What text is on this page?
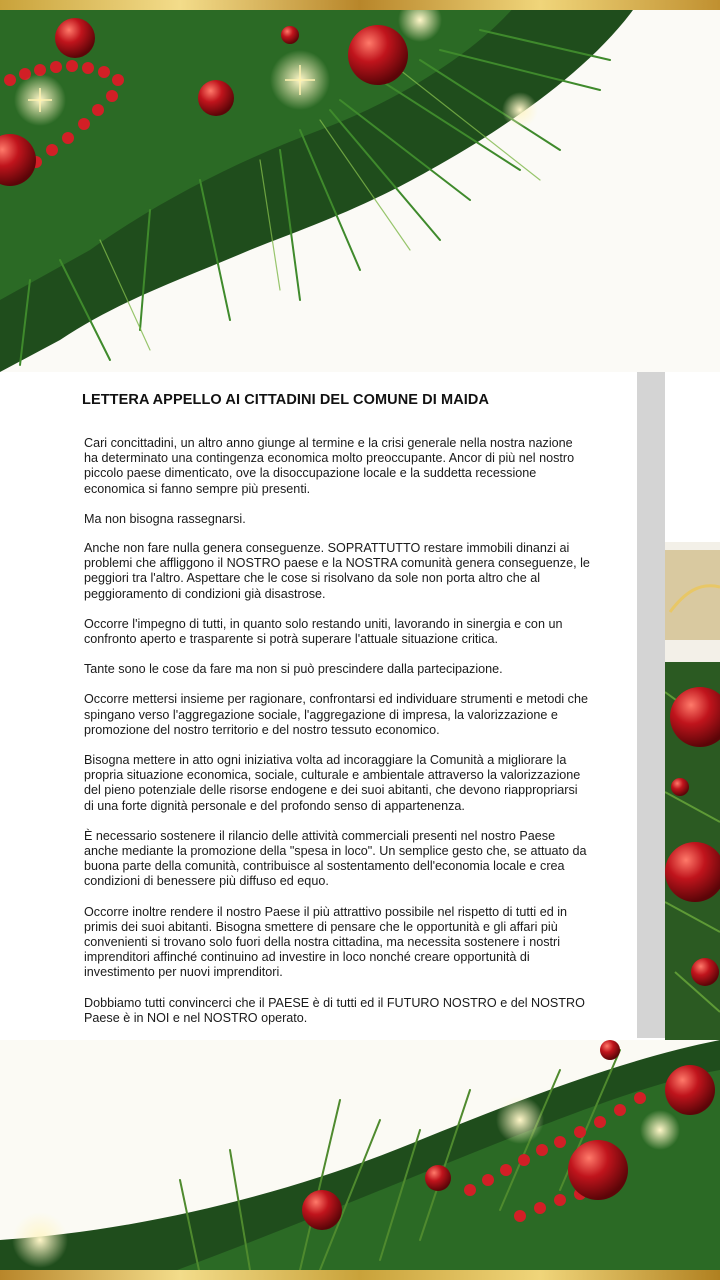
LETTERA APPELLO AI CITTADINI DEL COMUNE DI MAIDA

Cari concittadini, un altro anno giunge al termine e la crisi generale nella nostra nazione ha determinato una contingenza economica molto preoccupante. Ancor di più nel nostro piccolo paese dimenticato, ove la disoccupazione locale e la suddetta recessione economica si fanno sempre più presenti.

Ma non bisogna rassegnarsi.

Anche non fare nulla genera conseguenze. SOPRATTUTTO restare immobili dinanzi ai problemi che affliggono il NOSTRO paese e la NOSTRA comunità genera conseguenze, le peggiori tra l'altro. Aspettare che le cose si risolvano da sole non porta altro che al peggioramento di condizioni già disastrose.

Occorre l'impegno di tutti, in quanto solo restando uniti, lavorando in sinergia e con un confronto aperto e trasparente si potrà superare l'attuale situazione critica.

Tante sono le cose da fare ma non si può prescindere dalla partecipazione.

Occorre mettersi insieme per ragionare, confrontarsi ed individuare strumenti e metodi che spingano verso l'aggregazione sociale, l'aggregazione di impresa, la valorizzazione e promozione del nostro territorio e del nostro tessuto economico.

Bisogna mettere in atto ogni iniziativa volta ad incoraggiare la Comunità a migliorare la propria situazione economica, sociale, culturale e ambientale attraverso la valorizzazione del pieno potenziale delle risorse endogene e dei suoi abitanti, che devono riappropriarsi di una forte dignità personale e del profondo senso di appartenenza.

È necessario sostenere il rilancio delle attività commerciali presenti nel nostro Paese anche mediante la promozione della "spesa in loco". Un semplice gesto che, se attuato da buona parte della comunità, contribuisce al sostentamento dell'economia locale e crea condizioni di benessere più diffuso ed equo.

Occorre inoltre rendere il nostro Paese il più attrattivo possibile nel rispetto di tutti ed in primis dei suoi abitanti. Bisogna smettere di pensare che le opportunità e gli affari più convenienti si trovano solo fuori della nostra cittadina, ma necessita sostenere i nostri imprenditori affinché continuino ad investire in loco nonché creare opportunità di investimento per nuovi imprenditori.

Dobbiamo tutti convincerci che il PAESE è di tutti ed il FUTURO NOSTRO e del NOSTRO Paese è in NOI e nel NOSTRO operato.
